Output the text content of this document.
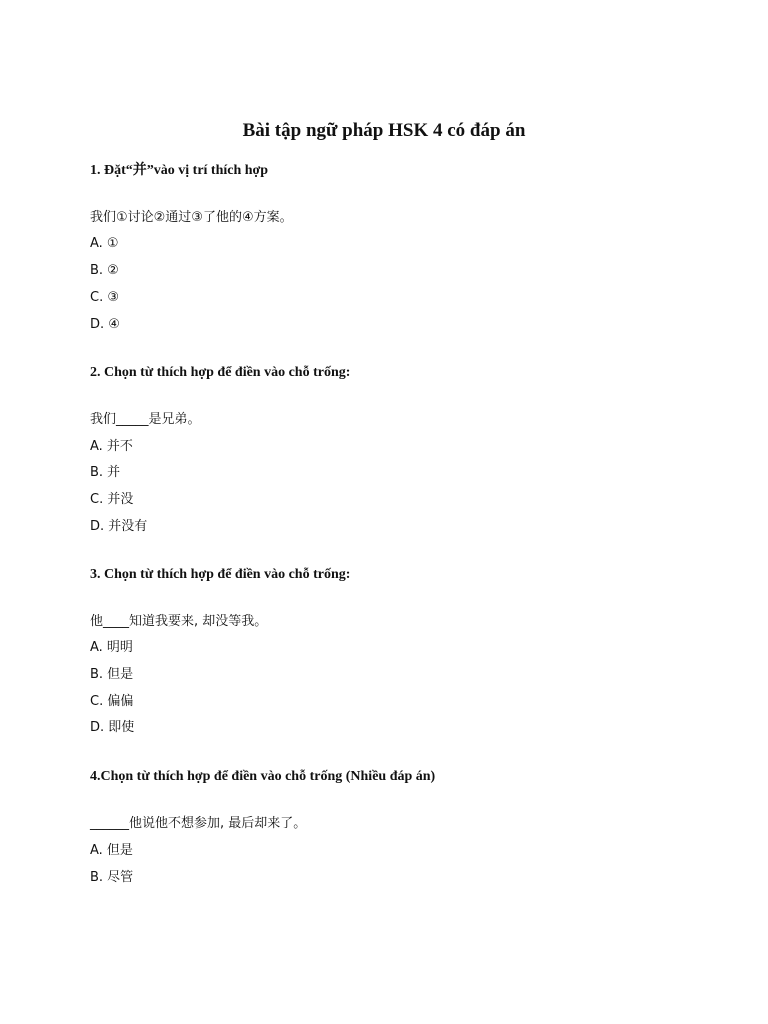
Bài tập ngữ pháp HSK 4 có đáp án
1. Đặt“并”vào vị trí thích hợp
我们①讨论②通过③了他的④方案。
A. ①
B. ②
C. ③
D. ④
2. Chọn từ thích hợp để điền vào chỗ trống:
我们_____是兄弟。
A. 并不
B. 并
C. 并没
D. 并没有
3. Chọn từ thích hợp để điền vào chỗ trống:
他____知道我要来, 却没等我。
A. 明明
B. 但是
C. 偏偏
D. 即使
4.Chọn từ thích hợp để điền vào chỗ trống (Nhiều đáp án)
______他说他不想参加, 最后却来了。
A. 但是
B. 尽管
